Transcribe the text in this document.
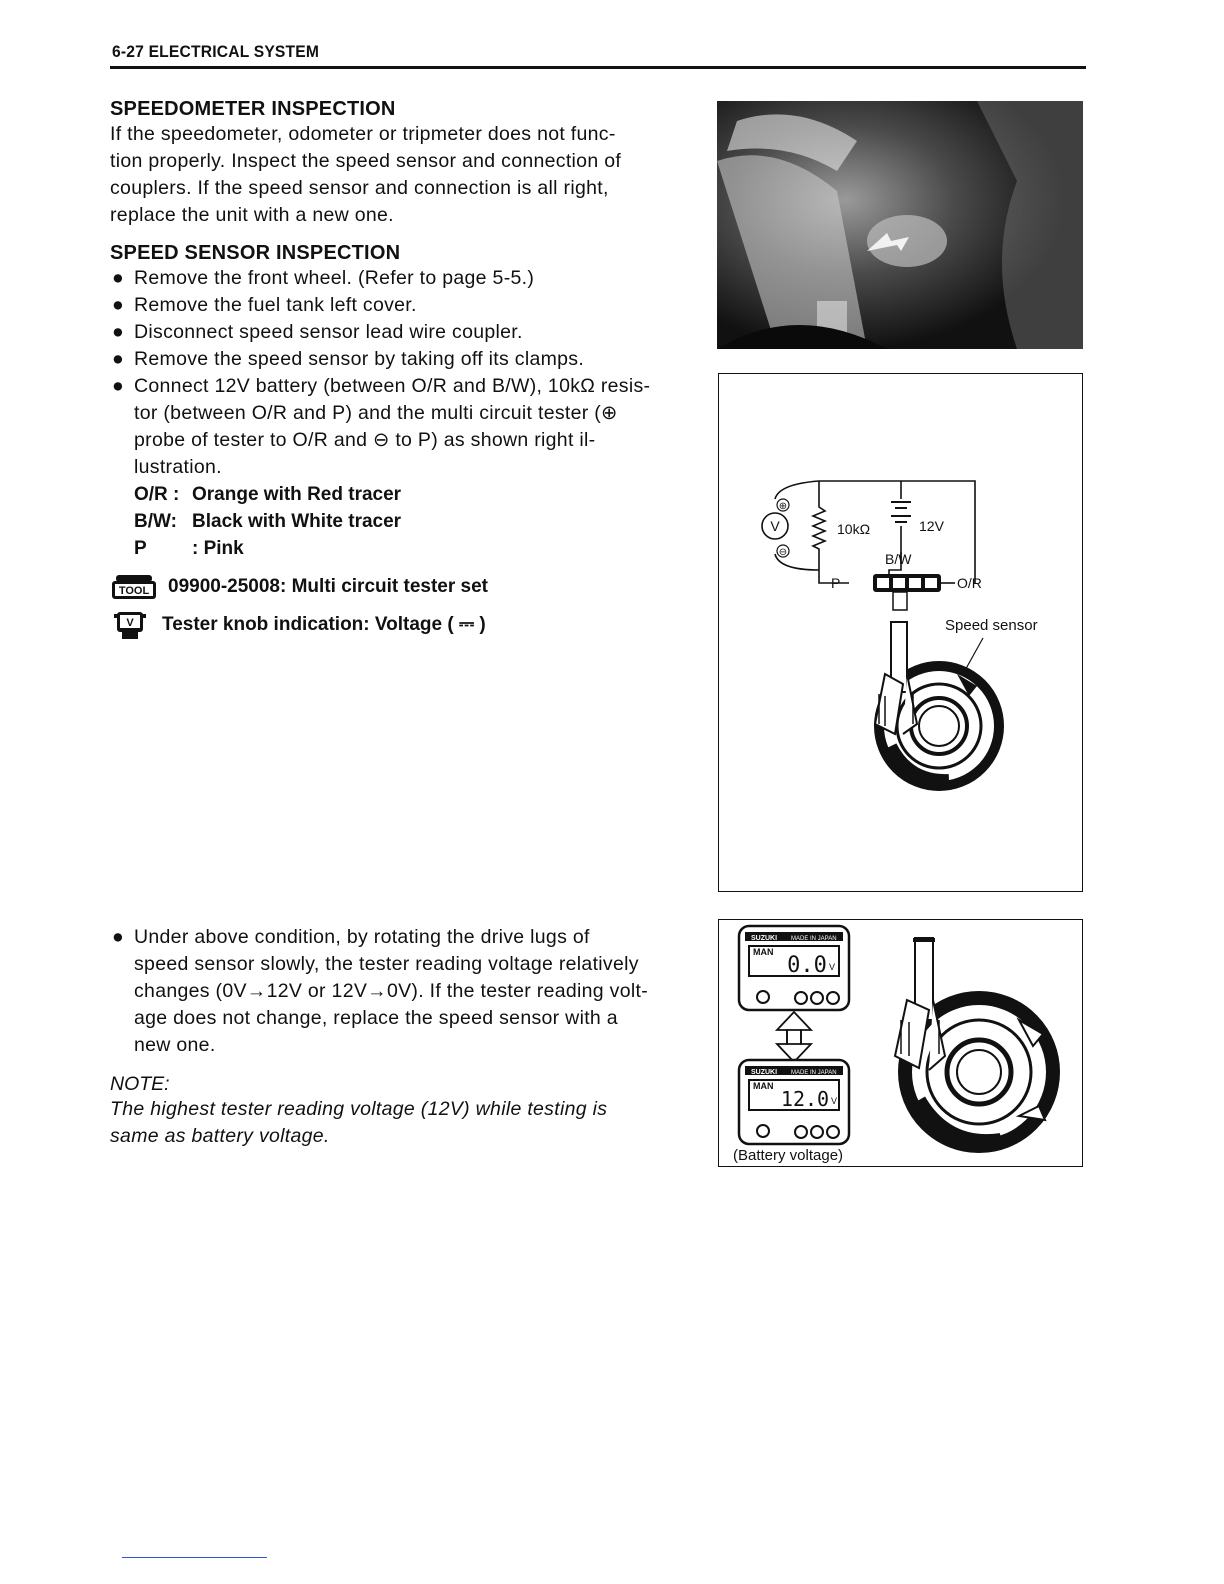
6-27 ELECTRICAL SYSTEM
SPEEDOMETER INSPECTION

If the speedometer, odometer or tripmeter does not func-

tion properly. Inspect the speed sensor and connection of

couplers. If the speed sensor and connection is all right,

replace the unit with a new one.

SPEED SENSOR INSPECTION
● Remove the front wheel. (Refer to page 5-5.)
● Remove the fuel tank left cover.
● Disconnect speed sensor lead wire coupler.
● Remove the speed sensor by taking off its clamps.
● Connect 12V battery (between O/R and B/W), 10kΩ resis-
tor (between O/R and P) and the multi circuit tester (⊕
probe of tester to O/R and ⊖ to P) as shown right il-
lustration.
O/R : Orange with Red tracer
B/W: Black with White tracer
P : Pink
TOOL 09900-25008: Multi circuit tester set
V Tester knob indication: Voltage ( ⎓ )
● Under above condition, by rotating the drive lugs of
speed sensor slowly, the tester reading voltage relatively
changes (0V→12V or 12V→0V). If the tester reading volt-
age does not change, replace the speed sensor with a
new one.
NOTE:
The highest tester reading voltage (12V) while testing is
same as battery voltage.
V
⊕
⊖
10kΩ	12V
B/W
P	O/R
Speed sensor
SUZUKI MADE IN JAPAN
MAN
0.0 V
SUZUKI MADE IN JAPAN
MAN
12.0 V
(Battery voltage)
